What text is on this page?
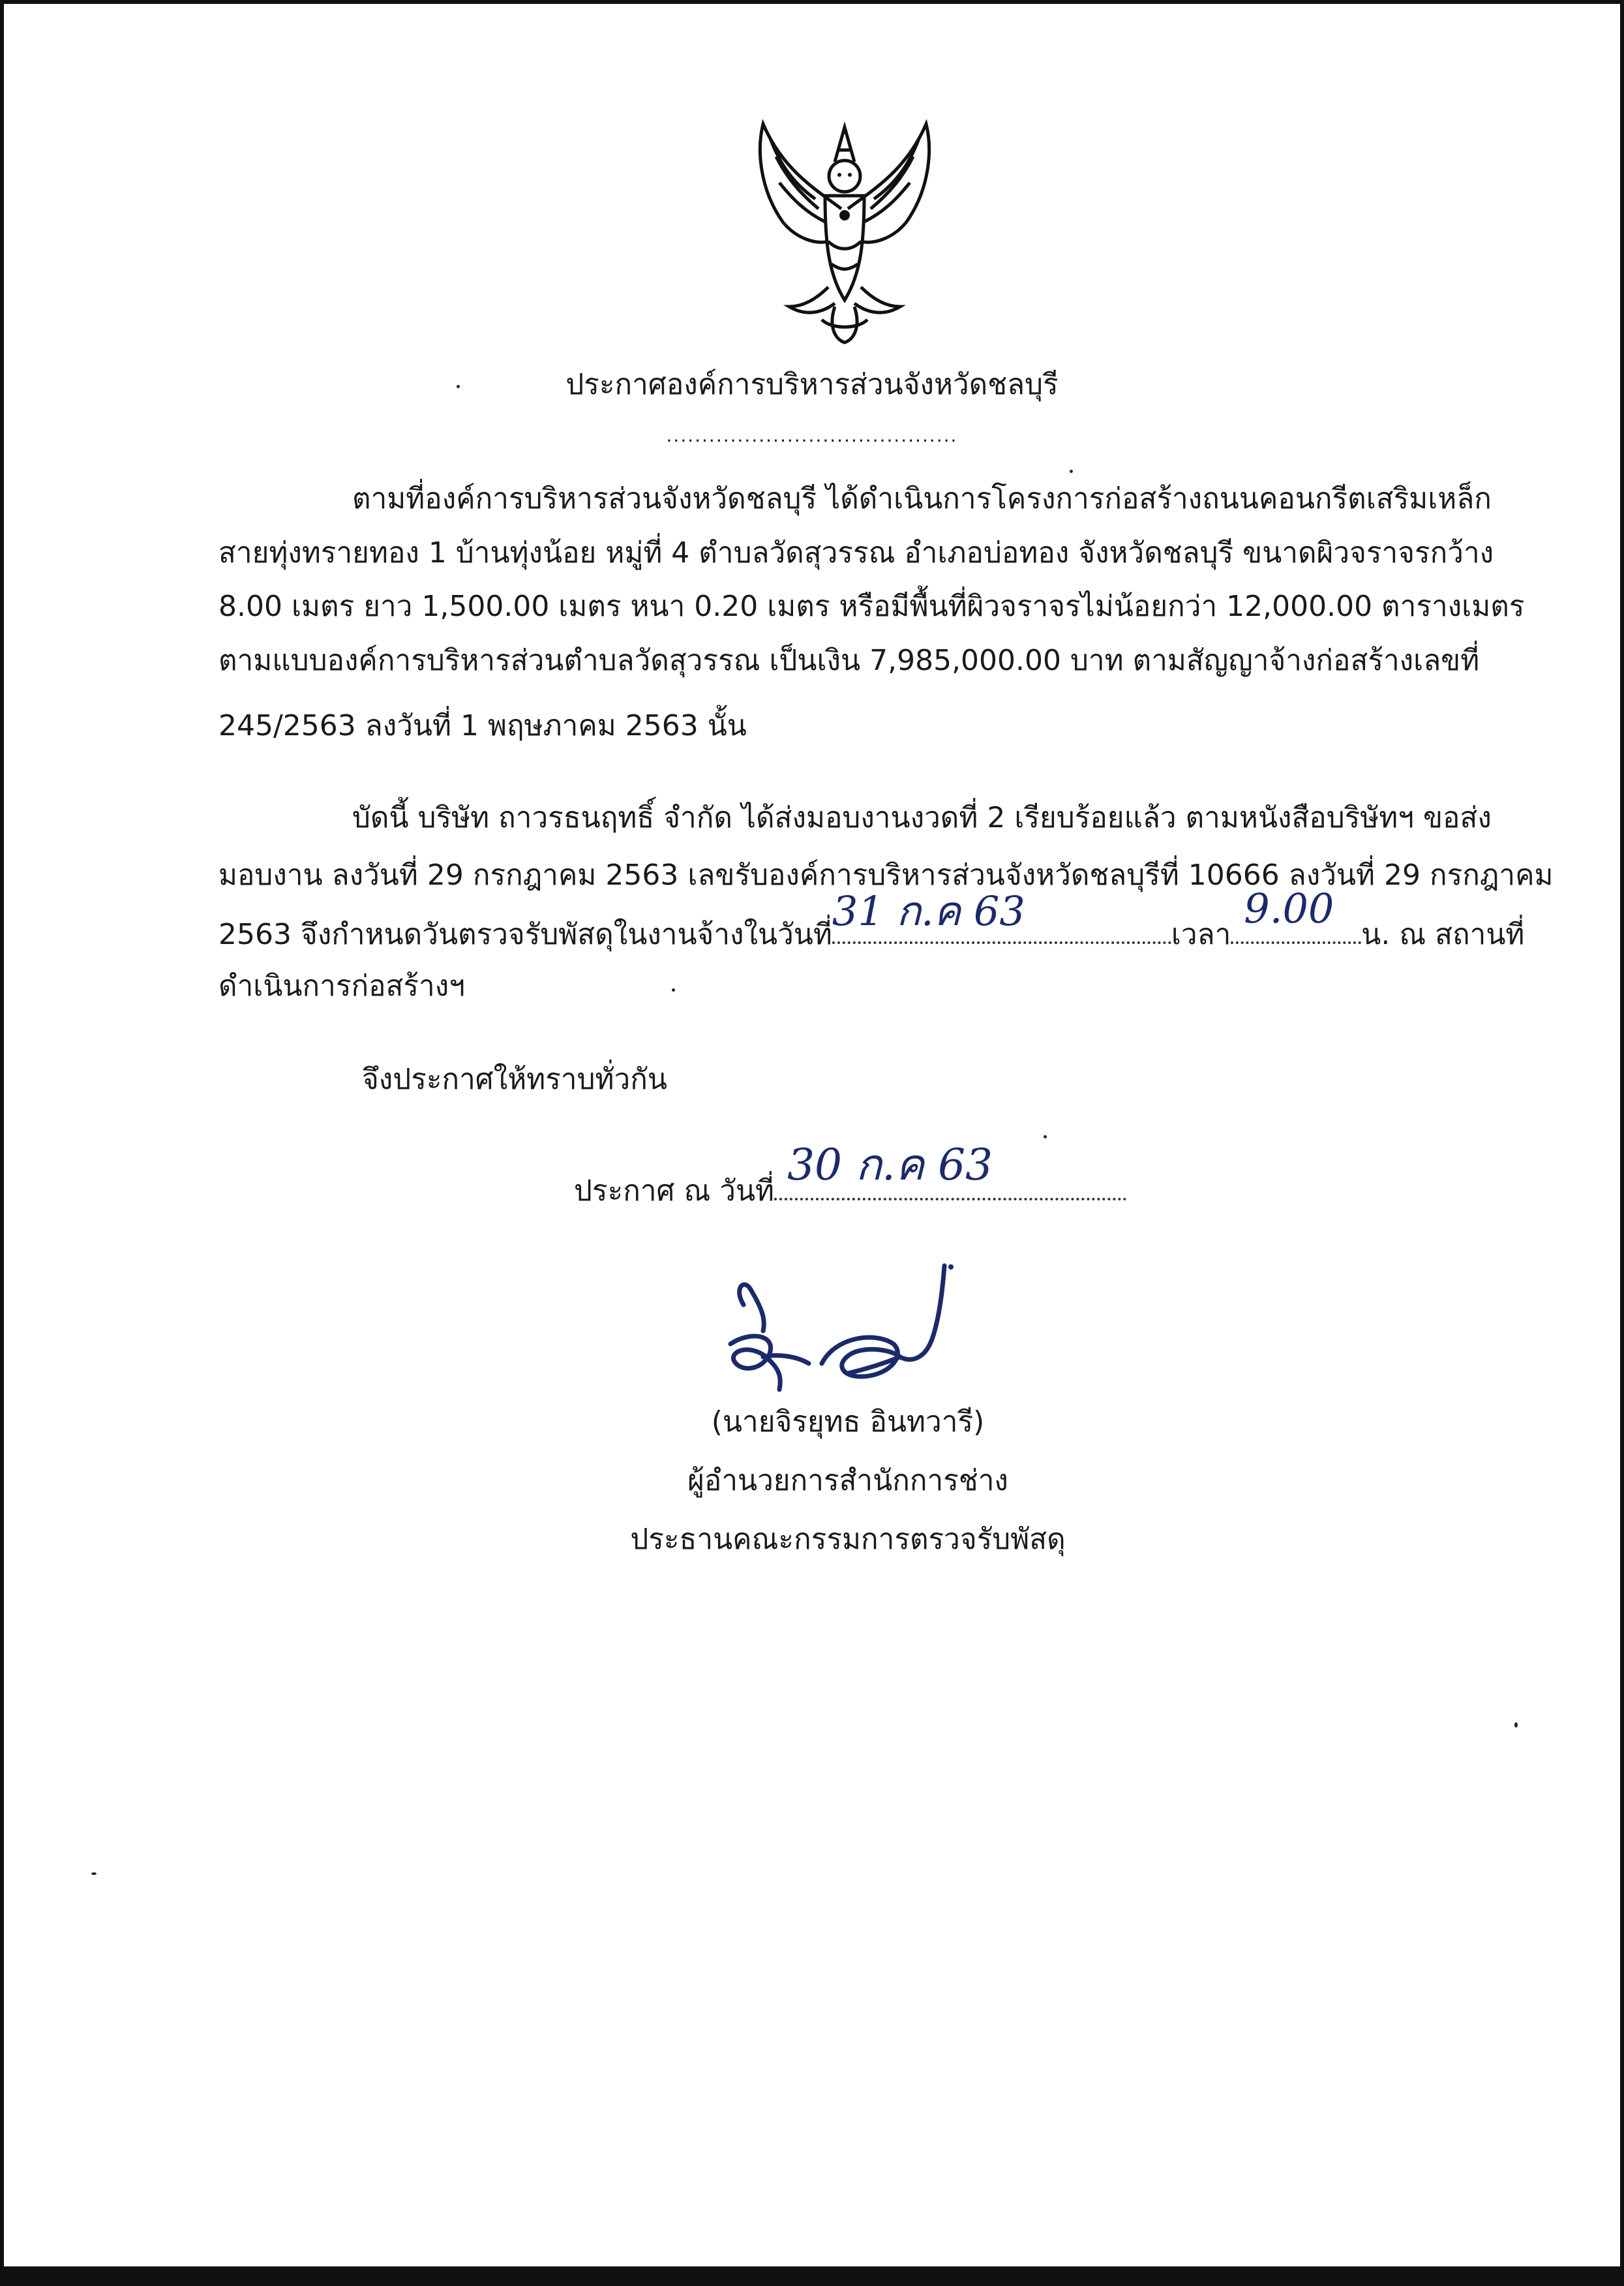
ประกาศองค์การบริหารส่วนจังหวัดชลบุรี
.........................................
ตามที่องค์การบริหารส่วนจังหวัดชลบุรี ได้ดำเนินการโครงการก่อสร้างถนนคอนกรีตเสริมเหล็ก
สายทุ่งทรายทอง 1 บ้านทุ่งน้อย หมู่ที่ 4 ตำบลวัดสุวรรณ อำเภอบ่อทอง จังหวัดชลบุรี ขนาดผิวจราจรกว้าง
8.00 เมตร ยาว 1,500.00 เมตร หนา 0.20 เมตร หรือมีพื้นที่ผิวจราจรไม่น้อยกว่า 12,000.00 ตารางเมตร
ตามแบบองค์การบริหารส่วนตำบลวัดสุวรรณ เป็นเงิน 7,985,000.00 บาท ตามสัญญาจ้างก่อสร้างเลขที่
245/2563 ลงวันที่ 1 พฤษภาคม 2563 นั้น
บัดนี้ บริษัท ถาวรธนฤทธิ์ จำกัด ได้ส่งมอบงานงวดที่ 2 เรียบร้อยแล้ว ตามหนังสือบริษัทฯ ขอส่ง
มอบงาน ลงวันที่ 29 กรกฎาคม 2563 เลขรับองค์การบริหารส่วนจังหวัดชลบุรีที่ 10666 ลงวันที่ 29 กรกฎาคม
2563 จึงกำหนดวันตรวจรับพัสดุในงานจ้างในวันที่ 31 ก.ค 63	เวลา
9.00
น. ณ สถานที่
ดำเนินการก่อสร้างฯ
จึงประกาศให้ทราบทั่วกัน
ประกาศ ณ วันที่
30 ก.ค 63
(นายจิรยุทธ อินทวารี)
ผู้อำนวยการสำนักการช่าง
ประธานคณะกรรมการตรวจรับพัสดุ
